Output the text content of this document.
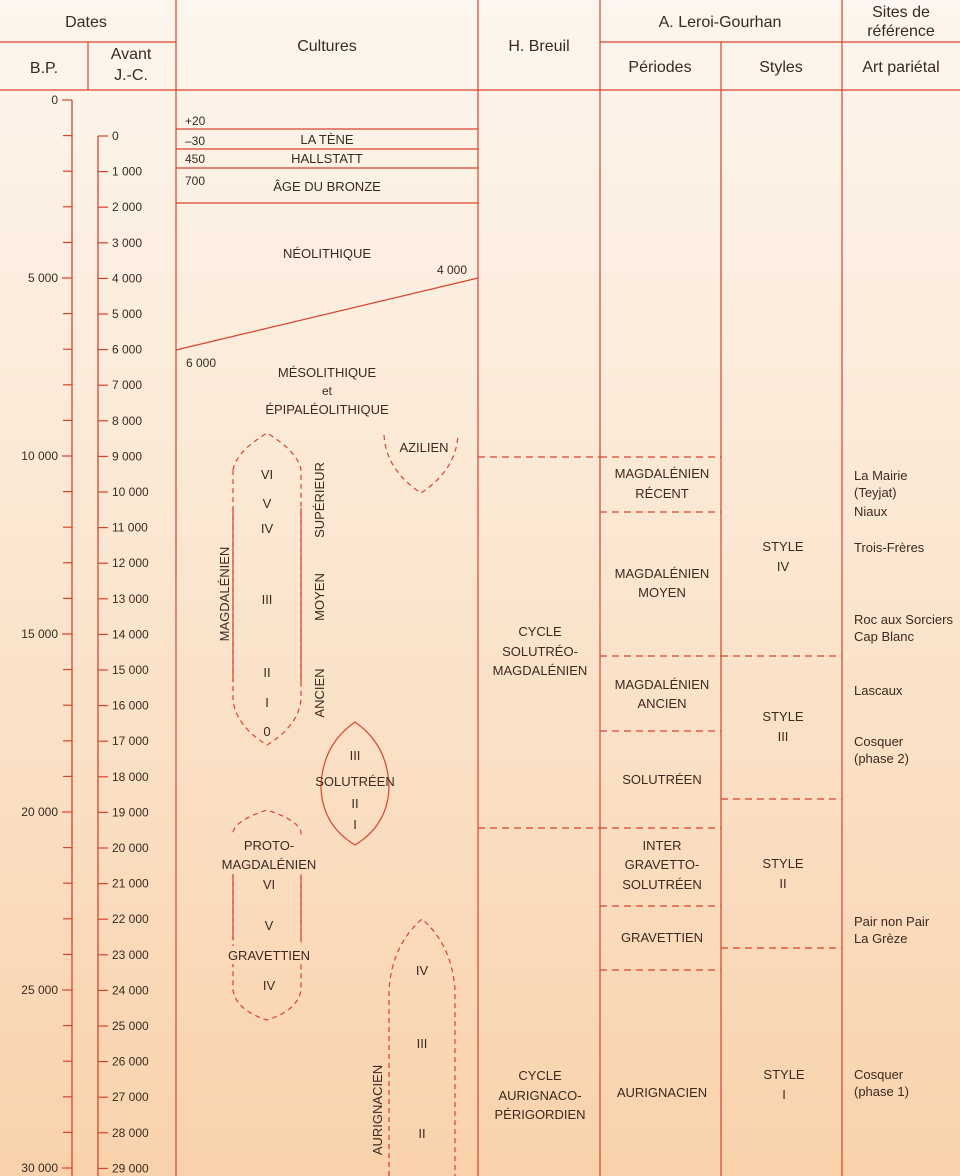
Dates
B.P.
Avant
J.-C.
Cultures	H. Breuil
A. Leroi-Gourhan
Périodes	Styles
Sites de
référence
Art pariétal
0
5 000
10 000
15 000
20 000
25 000
30 000
0
1 000
2 000
3 000
4 000
5 000
6 000
7 000
8 000
9 000
10 000
11 000
12 000
13 000
14 000
15 000
16 000
17 000
18 000
19 000
20 000
21 000
22 000
23 000
24 000
25 000
26 000
27 000
28 000
29 000
+20
–30
450
700
LA TÈNE
HALLSTATT
ÂGE DU BRONZE
NÉOLITHIQUE
4 000
6 000
MÉSOLITHIQUE
et
ÉPIPALÉOLITHIQUE
AZILIEN
MAGDALÉNIEN
VI
V
IV
III
II
I
0
SUPÉRIEUR
MOYEN
ANCIEN
III
SOLUTRÉEN
II
I
PROTO-
MAGDALÉNIEN
VI
V
GRAVETTIEN
IV
AURIGNACIEN
IV
III
II
CYCLE
SOLUTRÉO-
MAGDALÉNIEN
CYCLE
AURIGNACO-
PÉRIGORDIEN
MAGDALÉNIEN
RÉCENT
MAGDALÉNIEN
MOYEN
MAGDALÉNIEN
ANCIEN
SOLUTRÉEN
INTER
GRAVETTO-
SOLUTRÉEN
GRAVETTIEN
AURIGNACIEN
STYLE
IV
STYLE
III
STYLE
II
STYLE
I
La Mairie
(Teyjat)
Niaux
Trois-Frères
Roc aux Sorciers
Cap Blanc
Lascaux
Cosquer
(phase 2)
Pair non Pair
La Grèze
Cosquer
(phase 1)
